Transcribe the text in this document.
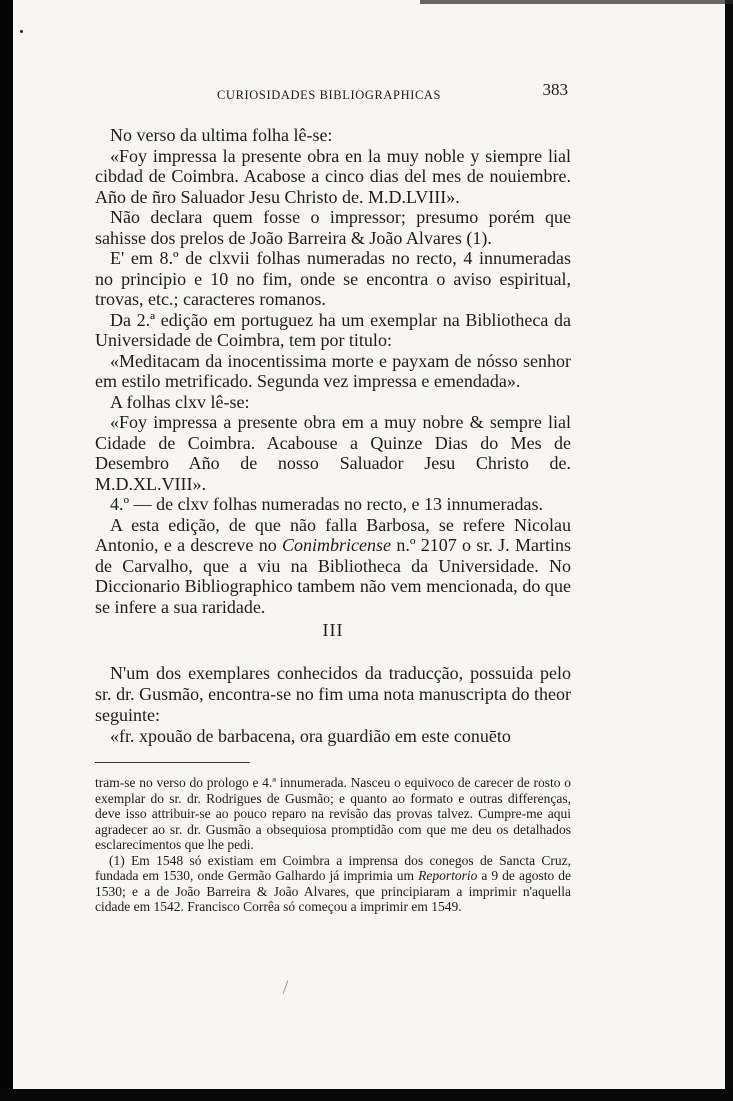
CURIOSIDADES BIBLIOGRAPHICAS	383

No verso da ultima folha lê-se:

«Foy impressa la presente obra en la muy noble y siempre lial cibdad de Coimbra. Acabose a cinco dias del mes de nouiembre. Año de ñro Saluador Jesu Christo de. M.D.LVIII».

Não declara quem fosse o impressor; presumo porém que sahisse dos prelos de João Barreira & João Alvares (1).

E' em 8.º de clxvii folhas numeradas no recto, 4 innumeradas no principio e 10 no fim, onde se encontra o aviso espiritual, trovas, etc.; caracteres romanos.

Da 2.ª edição em portuguez ha um exemplar na Bibliotheca da Universidade de Coimbra, tem por titulo:

«Meditacam da inocentissima morte e payxam de nósso senhor em estilo metrificado. Segunda vez impressa e emendada».

A folhas clxv lê-se:

«Foy impressa a presente obra em a muy nobre & sempre lial Cidade de Coimbra. Acabouse a Quinze Dias do Mes de Desembro Año de nosso Saluador Jesu Christo de. M.D.XL.VIII».

4.º — de clxv folhas numeradas no recto, e 13 innumeradas.

A esta edição, de que não falla Barbosa, se refere Nicolau Antonio, e a descreve no Conimbricense n.º 2107 o sr. J. Martins de Carvalho, que a viu na Bibliotheca da Universidade. No Diccionario Bibliographico tambem não vem mencionada, do que se infere a sua raridade.

III

N'um dos exemplares conhecidos da traducção, possuida pelo sr. dr. Gusmão, encontra-se no fim uma nota manuscripta do theor seguinte:

«fr. xpouão de barbacena, ora guardião em este conuēto

tram-se no verso do prologo e 4.ª innumerada. Nasceu o equivoco de carecer de rosto o exemplar do sr. dr. Rodrigues de Gusmão; e quanto ao formato e outras differenças, deve isso attribuir-se ao pouco reparo na revisão das provas talvez. Cumpre-me aqui agradecer ao sr. dr. Gusmão a obsequiosa promptidão com que me deu os detalhados esclarecimentos que lhe pedi.

(1) Em 1548 só existiam em Coimbra a imprensa dos conegos de Sancta Cruz, fundada em 1530, onde Germão Galhardo já imprimia um Reportorio a 9 de agosto de 1530; e a de João Barreira & João Alvares, que principiaram a imprimir n'aquella cidade em 1542. Francisco Corrêa só começou a imprimir em 1549.
